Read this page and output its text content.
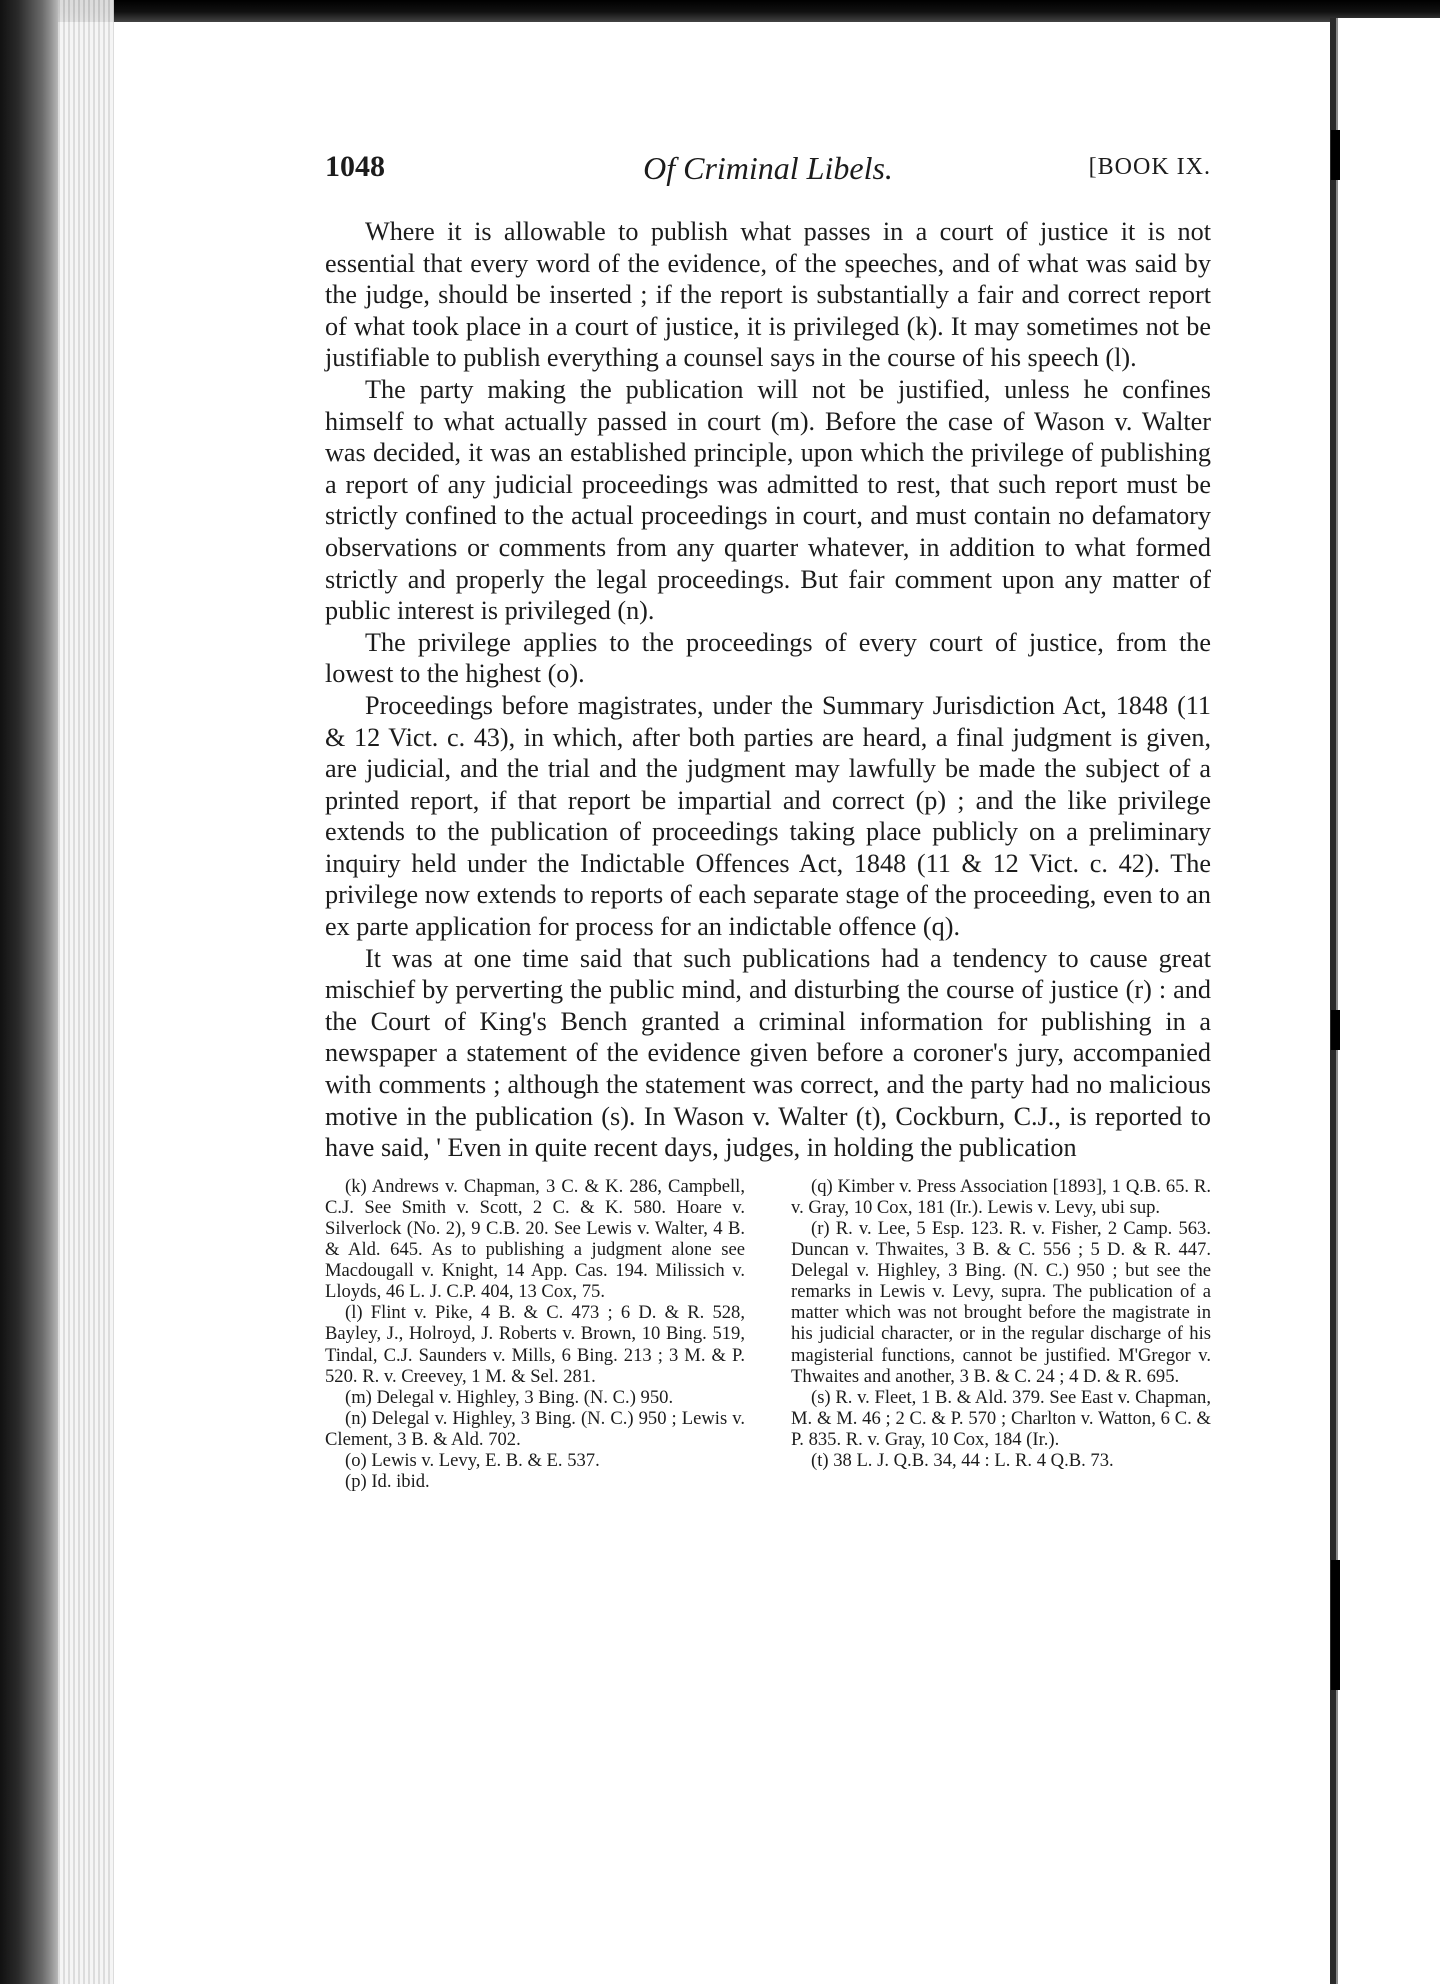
1048	Of Criminal Libels.	[BOOK IX.

Where it is allowable to publish what passes in a court of justice it is not essential that every word of the evidence, of the speeches, and of what was said by the judge, should be inserted ; if the report is substantially a fair and correct report of what took place in a court of justice, it is privileged (k). It may sometimes not be justifiable to publish everything a counsel says in the course of his speech (l).

The party making the publication will not be justified, unless he confines himself to what actually passed in court (m). Before the case of Wason v. Walter was decided, it was an established principle, upon which the privilege of publishing a report of any judicial proceedings was admitted to rest, that such report must be strictly confined to the actual proceedings in court, and must contain no defamatory observations or comments from any quarter whatever, in addition to what formed strictly and properly the legal proceedings. But fair comment upon any matter of public interest is privileged (n).

The privilege applies to the proceedings of every court of justice, from the lowest to the highest (o).

Proceedings before magistrates, under the Summary Jurisdiction Act, 1848 (11 & 12 Vict. c. 43), in which, after both parties are heard, a final judgment is given, are judicial, and the trial and the judgment may lawfully be made the subject of a printed report, if that report be impartial and correct (p) ; and the like privilege extends to the publication of proceedings taking place publicly on a preliminary inquiry held under the Indictable Offences Act, 1848 (11 & 12 Vict. c. 42). The privilege now extends to reports of each separate stage of the proceeding, even to an ex parte application for process for an indictable offence (q).

It was at one time said that such publications had a tendency to cause great mischief by perverting the public mind, and disturbing the course of justice (r) : and the Court of King's Bench granted a criminal information for publishing in a newspaper a statement of the evidence given before a coroner's jury, accompanied with comments ; although the statement was correct, and the party had no malicious motive in the publication (s). In Wason v. Walter (t), Cockburn, C.J., is reported to have said, ' Even in quite recent days, judges, in holding the publication

(k) Andrews v. Chapman, 3 C. & K. 286, Campbell, C.J. See Smith v. Scott, 2 C. & K. 580. Hoare v. Silverlock (No. 2), 9 C.B. 20. See Lewis v. Walter, 4 B. & Ald. 645. As to publishing a judgment alone see Macdougall v. Knight, 14 App. Cas. 194. Milissich v. Lloyds, 46 L. J. C.P. 404, 13 Cox, 75.

(l) Flint v. Pike, 4 B. & C. 473 ; 6 D. & R. 528, Bayley, J., Holroyd, J. Roberts v. Brown, 10 Bing. 519, Tindal, C.J. Saunders v. Mills, 6 Bing. 213 ; 3 M. & P. 520. R. v. Creevey, 1 M. & Sel. 281.

(m) Delegal v. Highley, 3 Bing. (N. C.) 950.

(n) Delegal v. Highley, 3 Bing. (N. C.) 950 ; Lewis v. Clement, 3 B. & Ald. 702.

(o) Lewis v. Levy, E. B. & E. 537.

(p) Id. ibid.

(q) Kimber v. Press Association [1893], 1 Q.B. 65. R. v. Gray, 10 Cox, 181 (Ir.). Lewis v. Levy, ubi sup.

(r) R. v. Lee, 5 Esp. 123. R. v. Fisher, 2 Camp. 563. Duncan v. Thwaites, 3 B. & C. 556 ; 5 D. & R. 447. Delegal v. Highley, 3 Bing. (N. C.) 950 ; but see the remarks in Lewis v. Levy, supra. The publication of a matter which was not brought before the magistrate in his judicial character, or in the regular discharge of his magisterial functions, cannot be justified. M'Gregor v. Thwaites and another, 3 B. & C. 24 ; 4 D. & R. 695.

(s) R. v. Fleet, 1 B. & Ald. 379. See East v. Chapman, M. & M. 46 ; 2 C. & P. 570 ; Charlton v. Watton, 6 C. & P. 835. R. v. Gray, 10 Cox, 184 (Ir.).

(t) 38 L. J. Q.B. 34, 44 : L. R. 4 Q.B. 73.
